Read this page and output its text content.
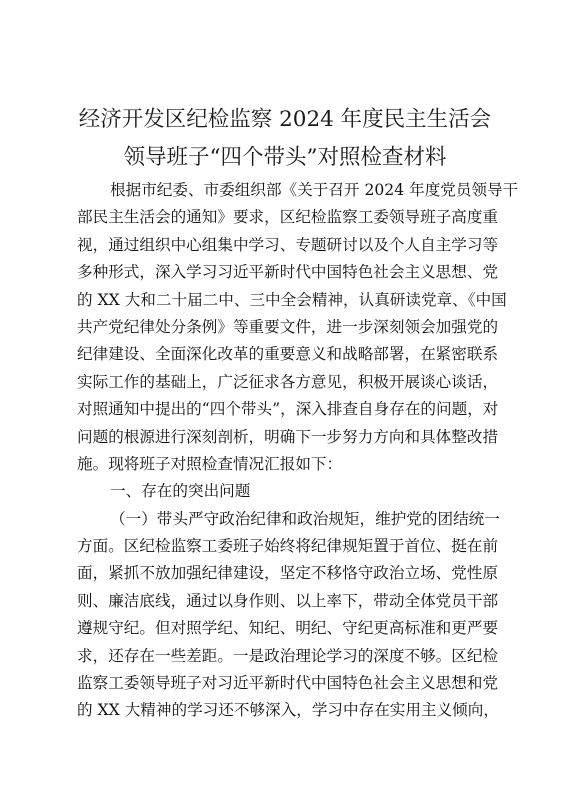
经济开发区纪检监察 2024 年度民主生活会
领导班子“四个带头”对照检查材料
根据市纪委、市委组织部《关于召开 2024 年度党员领导干
部民主生活会的通知》要求，区纪检监察工委领导班子高度重
视，通过组织中心组集中学习、专题研讨以及个人自主学习等
多种形式，深入学习习近平新时代中国特色社会主义思想、党
的 XX 大和二十届二中、三中全会精神，认真研读党章、《中国
共产党纪律处分条例》等重要文件，进一步深刻领会加强党的
纪律建设、全面深化改革的重要意义和战略部署，在紧密联系
实际工作的基础上，广泛征求各方意见，积极开展谈心谈话，
对照通知中提出的“四个带头”，深入排查自身存在的问题，对
问题的根源进行深刻剖析，明确下一步努力方向和具体整改措
施。现将班子对照检查情况汇报如下：
一、存在的突出问题
（一）带头严守政治纪律和政治规矩，维护党的团结统一
方面。区纪检监察工委班子始终将纪律规矩置于首位、挺在前
面，紧抓不放加强纪律建设，坚定不移恪守政治立场、党性原
则、廉洁底线，通过以身作则、以上率下，带动全体党员干部
遵规守纪。但对照学纪、知纪、明纪、守纪更高标准和更严要
求，还存在一些差距。一是政治理论学习的深度不够。区纪检
监察工委领导班子对习近平新时代中国特色社会主义思想和党
的 XX 大精神的学习还不够深入，学习中存在实用主义倾向，
